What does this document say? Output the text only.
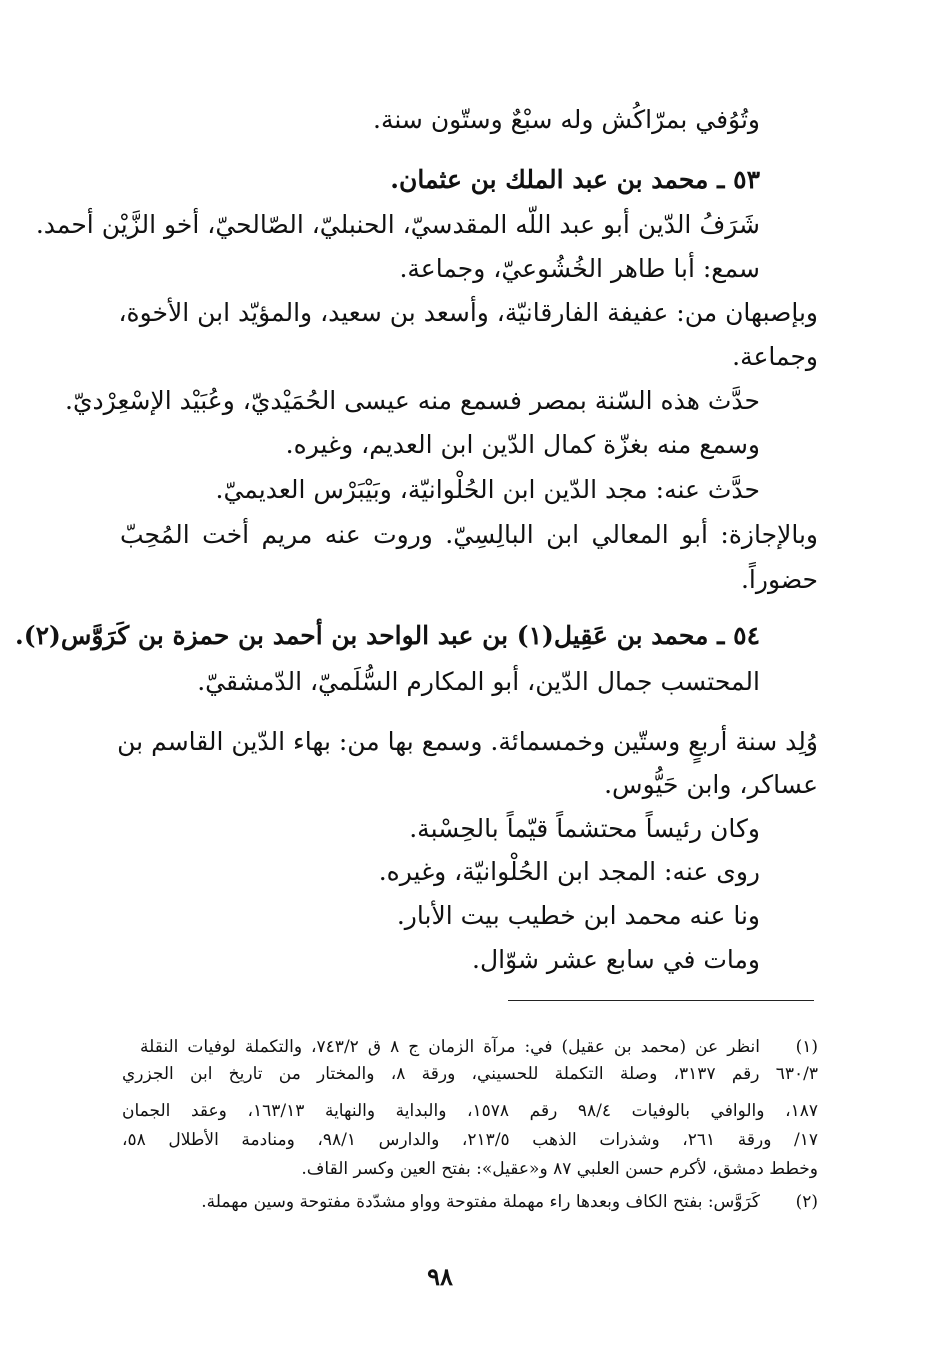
وتُوُفي بمرّاكُش وله سبْعٌ وستّون سنة.
٥٣ ـ محمد بن عبد الملك بن عثمان.
شَرَفُ الدّين أبو عبد اللّه المقدسيّ، الحنبليّ، الصّالحيّ، أخو الزَّيْن أحمد.
سمع: أبا طاهر الخُشُوعيّ، وجماعة.
وبإصبهان من: عفيفة الفارقانيّة، وأسعد بن سعيد، والمؤيّد ابن الأخوة،
وجماعة.
حدَّث هذه السّنة بمصر فسمع منه عيسى الحُمَيْديّ، وعُبَيْد الإسْعِرْديّ.
وسمع منه بغزّة كمال الدّين ابن العديم، وغيره.
حدَّث عنه: مجد الدّين ابن الحُلْوانيّة، وبَيْبَرْس العديميّ.
وبالإجازة: أبو المعالي ابن البالِسِيّ. وروت عنه مريم أخت المُحِبّ
حضوراً.
٥٤ ـ محمد بن عَقِيل(١) بن عبد الواحد بن أحمد بن حمزة بن كَرَوَّس(٢).
المحتسب جمال الدّين، أبو المكارم السُّلَميّ، الدّمشقيّ.
وُلِد سنة أربعٍ وستّين وخمسمائة. وسمع بها من: بهاء الدّين القاسم بن
عساكر، وابن حَيُّوس.
وكان رئيساً محتشماً قيّماً بالحِسْبة.
روى عنه: المجد ابن الحُلْوانيّة، وغيره.
ونا عنه محمد ابن خطيب بيت الأبار.
ومات في سابع عشر شوّال.
(١)
انظر عن (محمد بن عقيل) في: مرآة الزمان ج ٨ ق ٧٤٣/٢، والتكملة لوفيات النقلة
٦٣٠/٣ رقم ٣١٣٧، وصلة التكملة للحسيني، ورقة ٨، والمختار من تاريخ ابن الجزري
١٨٧، والوافي بالوفيات ٩٨/٤ رقم ١٥٧٨، والبداية والنهاية ١٦٣/١٣، وعقد الجمان
١٧/ ورقة ٢٦١، وشذرات الذهب ٢١٣/٥، والدارس ٩٨/١، ومنادمة الأطلال ٥٨،
وخطط دمشق، لأكرم حسن العلبي ٨٧ و«عقيل»: بفتح العين وكسر القاف.
(٢)
كَرَوَّس: بفتح الكاف وبعدها راء مهملة مفتوحة وواو مشدّدة مفتوحة وسين مهملة.
٩٨
